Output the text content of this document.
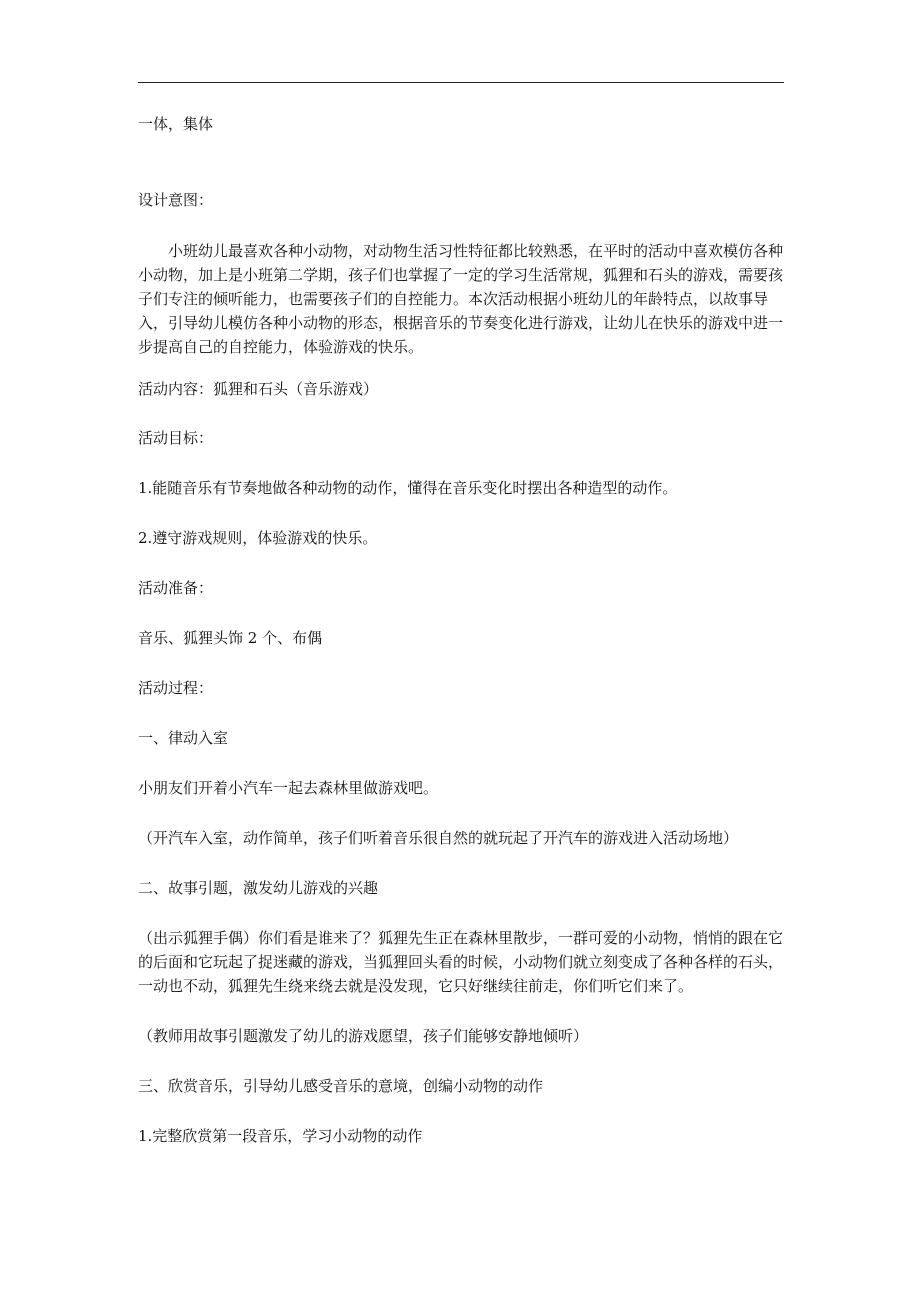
一体，集体

设计意图：

小班幼儿最喜欢各种小动物，对动物生活习性特征都比较熟悉，在平时的活动中喜欢模仿各种小动物，加上是小班第二学期，孩子们也掌握了一定的学习生活常规，狐狸和石头的游戏，需要孩子们专注的倾听能力，也需要孩子们的自控能力。本次活动根据小班幼儿的年龄特点，以故事导入，引导幼儿模仿各种小动物的形态，根据音乐的节奏变化进行游戏，让幼儿在快乐的游戏中进一步提高自己的自控能力，体验游戏的快乐。

活动内容：狐狸和石头（音乐游戏）

活动目标：

1.能随音乐有节奏地做各种动物的动作，懂得在音乐变化时摆出各种造型的动作。

2.遵守游戏规则，体验游戏的快乐。

活动准备：

音乐、狐狸头饰 2 个、布偶

活动过程：

一、律动入室

小朋友们开着小汽车一起去森林里做游戏吧。

（开汽车入室，动作简单，孩子们听着音乐很自然的就玩起了开汽车的游戏进入活动场地）

二、故事引题，激发幼儿游戏的兴趣

（出示狐狸手偶）你们看是谁来了？狐狸先生正在森林里散步，一群可爱的小动物，悄悄的跟在它的后面和它玩起了捉迷藏的游戏，当狐狸回头看的时候，小动物们就立刻变成了各种各样的石头，一动也不动，狐狸先生绕来绕去就是没发现，它只好继续往前走，你们听它们来了。

（教师用故事引题激发了幼儿的游戏愿望，孩子们能够安静地倾听）

三、欣赏音乐，引导幼儿感受音乐的意境，创编小动物的动作

1.完整欣赏第一段音乐，学习小动物的动作
